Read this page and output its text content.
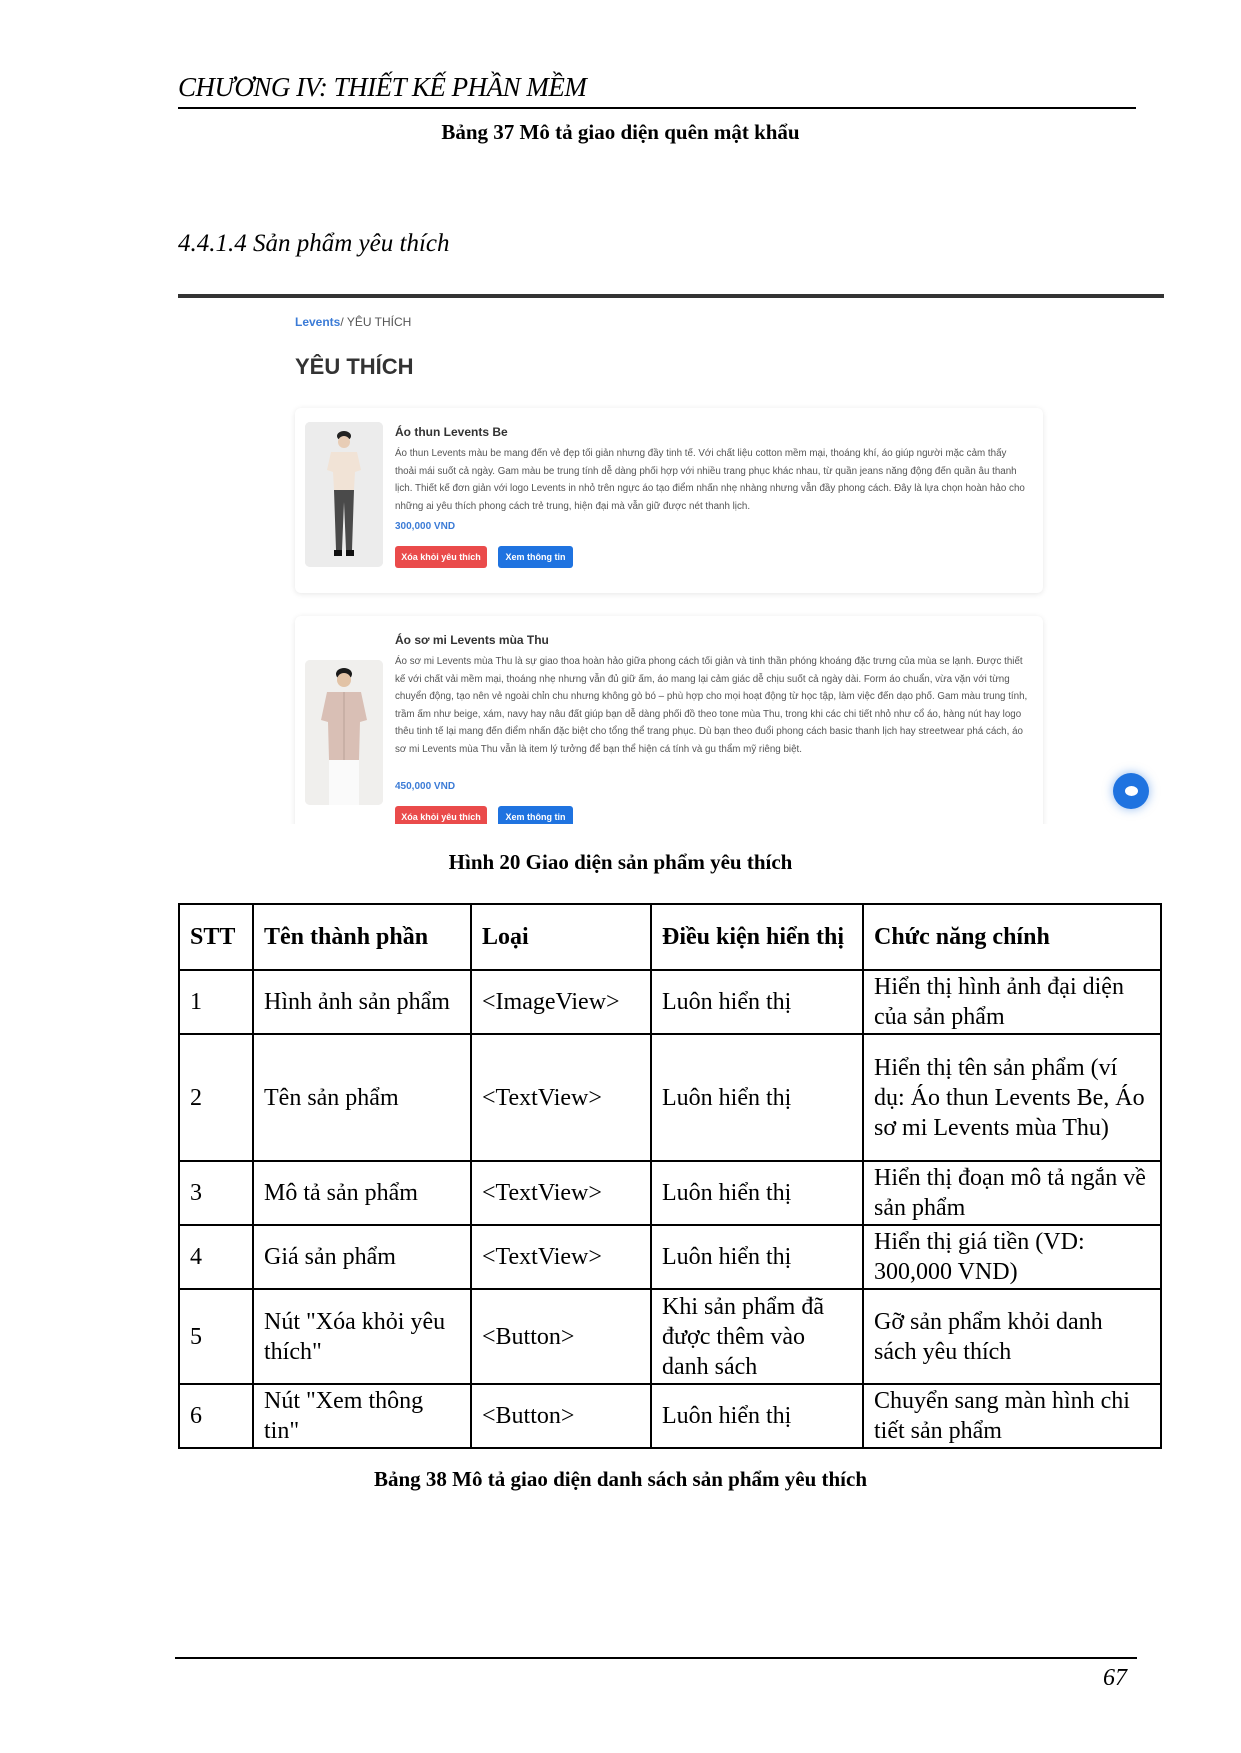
CHƯƠNG IV: THIẾT KẾ PHẦN MỀM
Bảng 37 Mô tả giao diện quên mật khẩu
4.4.1.4 Sản phẩm yêu thích
Levents/ YÊU THÍCH
YÊU THÍCH
Áo thun Levents Be
Áo thun Levents màu be mang đến vẻ đẹp tối giản nhưng đầy tinh tế. Với chất liệu cotton mềm mại, thoáng khí, áo giúp người mặc cảm thấy thoải mái suốt cả ngày. Gam màu be trung tính dễ dàng phối hợp với nhiều trang phục khác nhau, từ quần jeans năng động đến quần âu thanh lịch. Thiết kế đơn giản với logo Levents in nhỏ trên ngực áo tạo điểm nhấn nhẹ nhàng nhưng vẫn đầy phong cách. Đây là lựa chọn hoàn hảo cho những ai yêu thích phong cách trẻ trung, hiện đại mà vẫn giữ được nét thanh lịch.
300,000 VND
Xóa khỏi yêu thích	Xem thông tin
Áo sơ mi Levents mùa Thu
Áo sơ mi Levents mùa Thu là sự giao thoa hoàn hảo giữa phong cách tối giản và tinh thần phóng khoáng đặc trưng của mùa se lạnh. Được thiết kế với chất vải mềm mại, thoáng nhẹ nhưng vẫn đủ giữ ấm, áo mang lại cảm giác dễ chịu suốt cả ngày dài. Form áo chuẩn, vừa vặn với từng chuyển động, tạo nên vẻ ngoài chỉn chu nhưng không gò bó – phù hợp cho mọi hoạt động từ học tập, làm việc đến dạo phố. Gam màu trung tính, trầm ấm như beige, xám, navy hay nâu đất giúp bạn dễ dàng phối đồ theo tone mùa Thu, trong khi các chi tiết nhỏ như cổ áo, hàng nút hay logo thêu tinh tế lại mang đến điểm nhấn đặc biệt cho tổng thể trang phục. Dù bạn theo đuổi phong cách basic thanh lịch hay streetwear phá cách, áo sơ mi Levents mùa Thu vẫn là item lý tưởng để bạn thể hiện cá tính và gu thẩm mỹ riêng biệt.
450,000 VND
Xóa khỏi yêu thích	Xem thông tin
Hình 20 Giao diện sản phẩm yêu thích
STT	Tên thành phần	Loại	Điều kiện hiển thị	Chức năng chính
1	Hình ảnh sản phẩm	<ImageView>	Luôn hiển thị	Hiển thị hình ảnh đại diện của sản phẩm
2	Tên sản phẩm	<TextView>	Luôn hiển thị	Hiển thị tên sản phẩm (ví dụ: Áo thun Levents Be, Áo sơ mi Levents mùa Thu)
3	Mô tả sản phẩm	<TextView>	Luôn hiển thị	Hiển thị đoạn mô tả ngắn về sản phẩm
4	Giá sản phẩm	<TextView>	Luôn hiển thị	Hiển thị giá tiền (VD: 300,000 VND)
5	Nút "Xóa khỏi yêu thích"	<Button>	Khi sản phẩm đã được thêm vào danh sách	Gỡ sản phẩm khỏi danh sách yêu thích
6	Nút "Xem thông tin"	<Button>	Luôn hiển thị	Chuyển sang màn hình chi tiết sản phẩm
Bảng 38 Mô tả giao diện danh sách sản phẩm yêu thích
67
